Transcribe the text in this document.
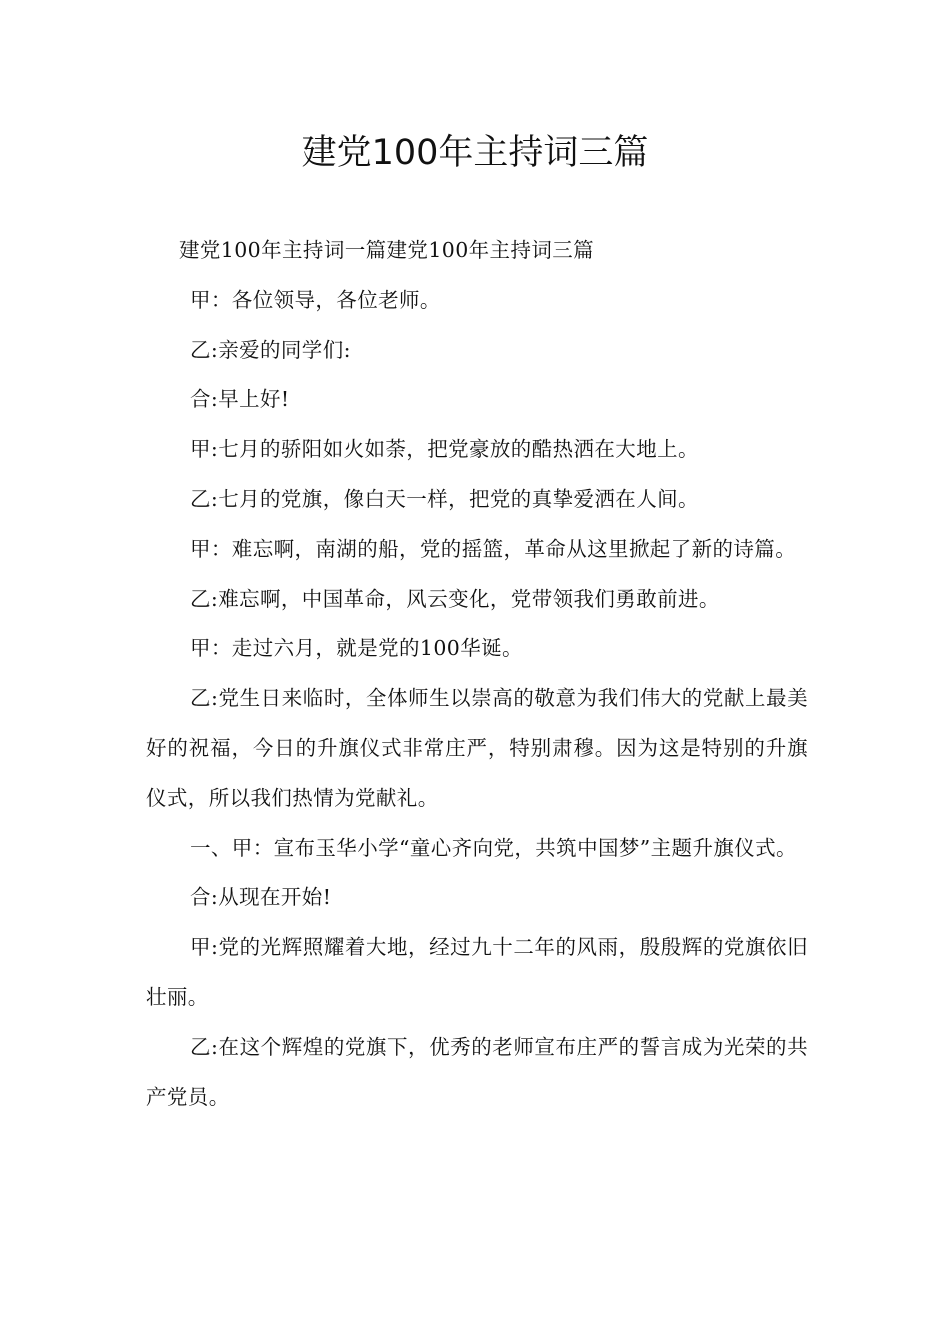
建党100年主持词三篇

建党100年主持词一篇建党100年主持词三篇

甲：各位领导，各位老师。

乙:亲爱的同学们:

合:早上好!

甲:七月的骄阳如火如荼，把党豪放的酷热洒在大地上。

乙:七月的党旗，像白天一样，把党的真挚爱洒在人间。

甲：难忘啊，南湖的船，党的摇篮，革命从这里掀起了新的诗篇。

乙:难忘啊，中国革命，风云变化，党带领我们勇敢前进。

甲：走过六月，就是党的100华诞。

乙:党生日来临时，全体师生以崇高的敬意为我们伟大的党献上最美好的祝福，今日的升旗仪式非常庄严，特别肃穆。因为这是特别的升旗仪式，所以我们热情为党献礼。

一、甲：宣布玉华小学“童心齐向党，共筑中国梦”主题升旗仪式。

合:从现在开始!

甲:党的光辉照耀着大地，经过九十二年的风雨，殷殷辉的党旗依旧壮丽。

乙:在这个辉煌的党旗下，优秀的老师宣布庄严的誓言成为光荣的共产党员。
